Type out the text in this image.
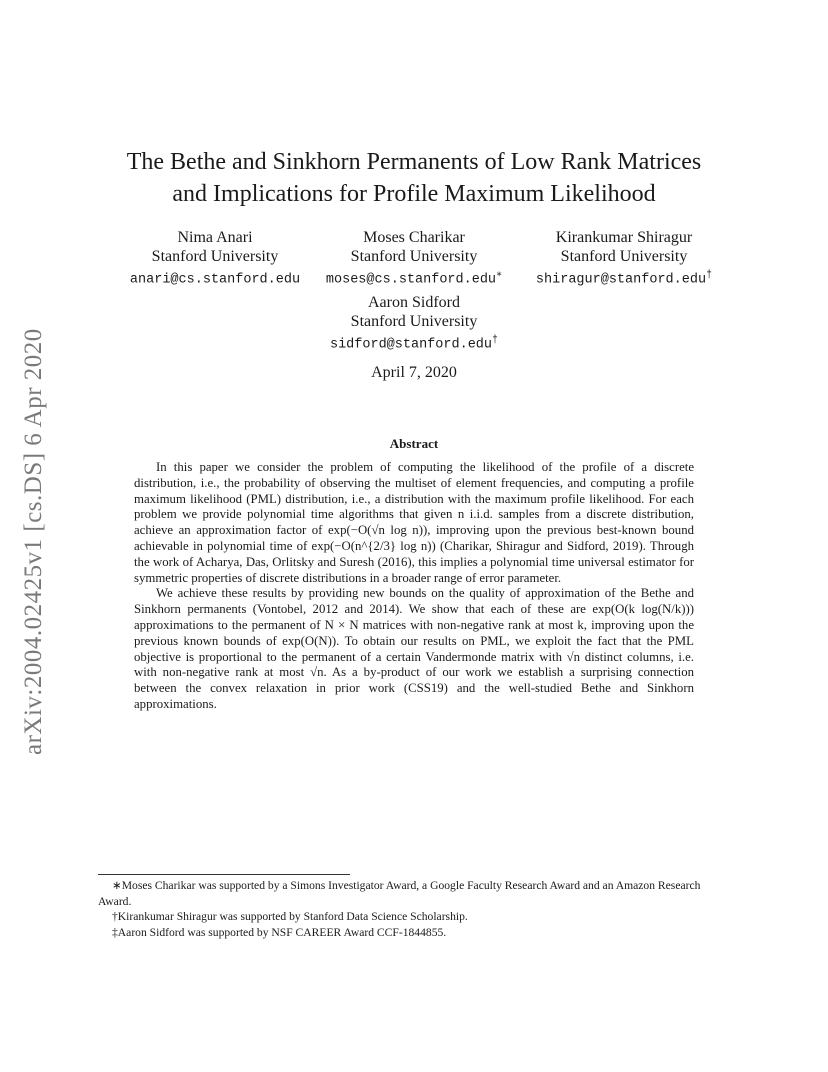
arXiv:2004.02425v1 [cs.DS] 6 Apr 2020
The Bethe and Sinkhorn Permanents of Low Rank Matrices
and Implications for Profile Maximum Likelihood
Nima Anari
Stanford University
anari@cs.stanford.edu
Moses Charikar
Stanford University
moses@cs.stanford.edu∗
Kirankumar Shiragur
Stanford University
shiragur@stanford.edu†
Aaron Sidford
Stanford University
sidford@stanford.edu†
April 7, 2020
Abstract

In this paper we consider the problem of computing the likelihood of the profile of a discrete distribution, i.e., the probability of observing the multiset of element frequencies, and computing a profile maximum likelihood (PML) distribution, i.e., a distribution with the maximum profile likelihood. For each problem we provide polynomial time algorithms that given n i.i.d. samples from a discrete distribution, achieve an approximation factor of exp(−O(√n log n)), improving upon the previous best-known bound achievable in polynomial time of exp(−O(n^{2/3} log n)) (Charikar, Shiragur and Sidford, 2019). Through the work of Acharya, Das, Orlitsky and Suresh (2016), this implies a polynomial time universal estimator for symmetric properties of discrete distributions in a broader range of error parameter.

We achieve these results by providing new bounds on the quality of approximation of the Bethe and Sinkhorn permanents (Vontobel, 2012 and 2014). We show that each of these are exp(O(k log(N/k))) approximations to the permanent of N × N matrices with non-negative rank at most k, improving upon the previous known bounds of exp(O(N)). To obtain our results on PML, we exploit the fact that the PML objective is proportional to the permanent of a certain Vandermonde matrix with √n distinct columns, i.e. with non-negative rank at most √n. As a by-product of our work we establish a surprising connection between the convex relaxation in prior work (CSS19) and the well-studied Bethe and Sinkhorn approximations.

∗Moses Charikar was supported by a Simons Investigator Award, a Google Faculty Research Award and an Amazon Research Award.

†Kirankumar Shiragur was supported by Stanford Data Science Scholarship.

‡Aaron Sidford was supported by NSF CAREER Award CCF-1844855.
